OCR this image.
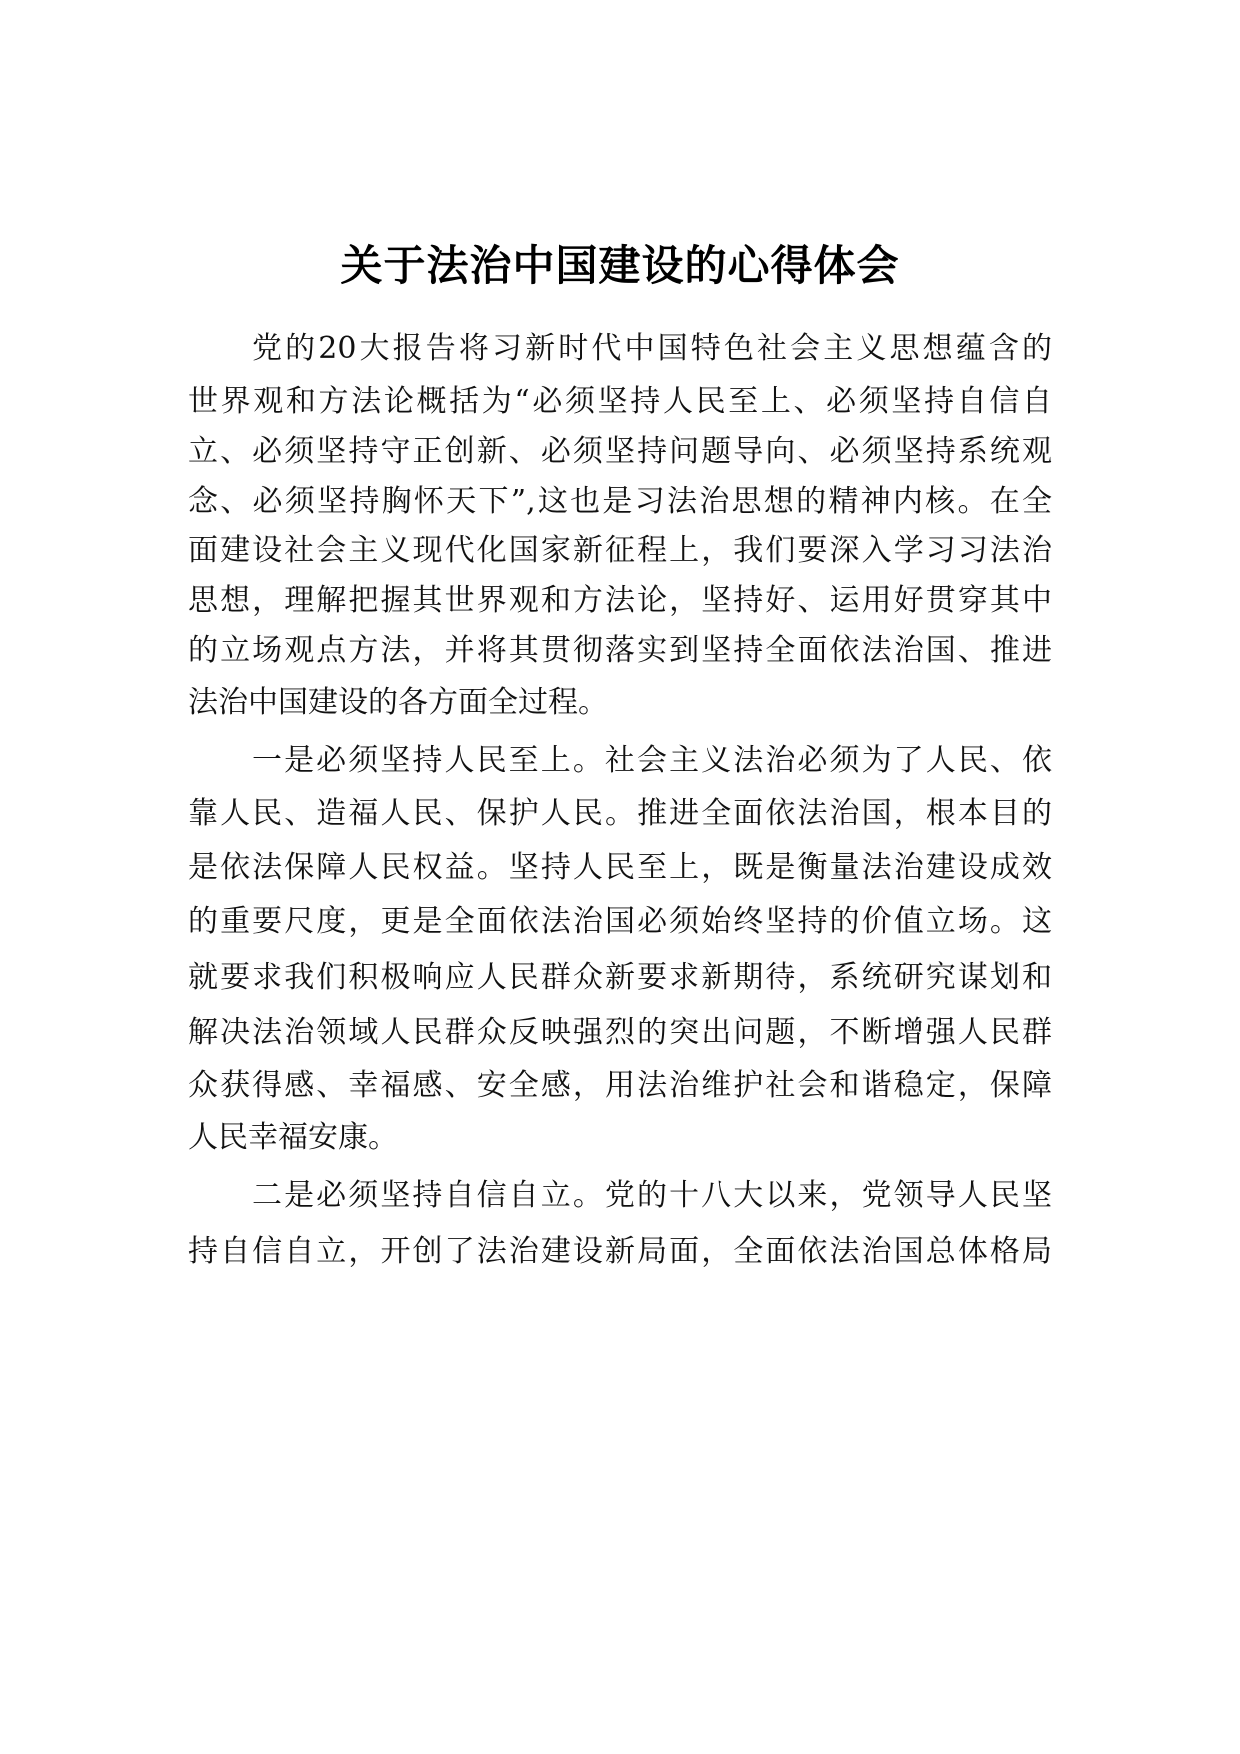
关于法治中国建设的心得体会

党的20大报告将习新时代中国特色社会主义思想蕴含的

世界观和方法论概括为“必须坚持人民至上、必须坚持自信自

立、必须坚持守正创新、必须坚持问题导向、必须坚持系统观

念、必须坚持胸怀天下”,这也是习法治思想的精神内核。在全

面建设社会主义现代化国家新征程上，我们要深入学习习法治

思想，理解把握其世界观和方法论，坚持好、运用好贯穿其中

的立场观点方法，并将其贯彻落实到坚持全面依法治国、推进

法治中国建设的各方面全过程。

一是必须坚持人民至上。社会主义法治必须为了人民、依

靠人民、造福人民、保护人民。推进全面依法治国，根本目的

是依法保障人民权益。坚持人民至上，既是衡量法治建设成效

的重要尺度，更是全面依法治国必须始终坚持的价值立场。这

就要求我们积极响应人民群众新要求新期待，系统研究谋划和

解决法治领域人民群众反映强烈的突出问题，不断增强人民群

众获得感、幸福感、安全感，用法治维护社会和谐稳定，保障

人民幸福安康。

二是必须坚持自信自立。党的十八大以来，党领导人民坚

持自信自立，开创了法治建设新局面，全面依法治国总体格局
